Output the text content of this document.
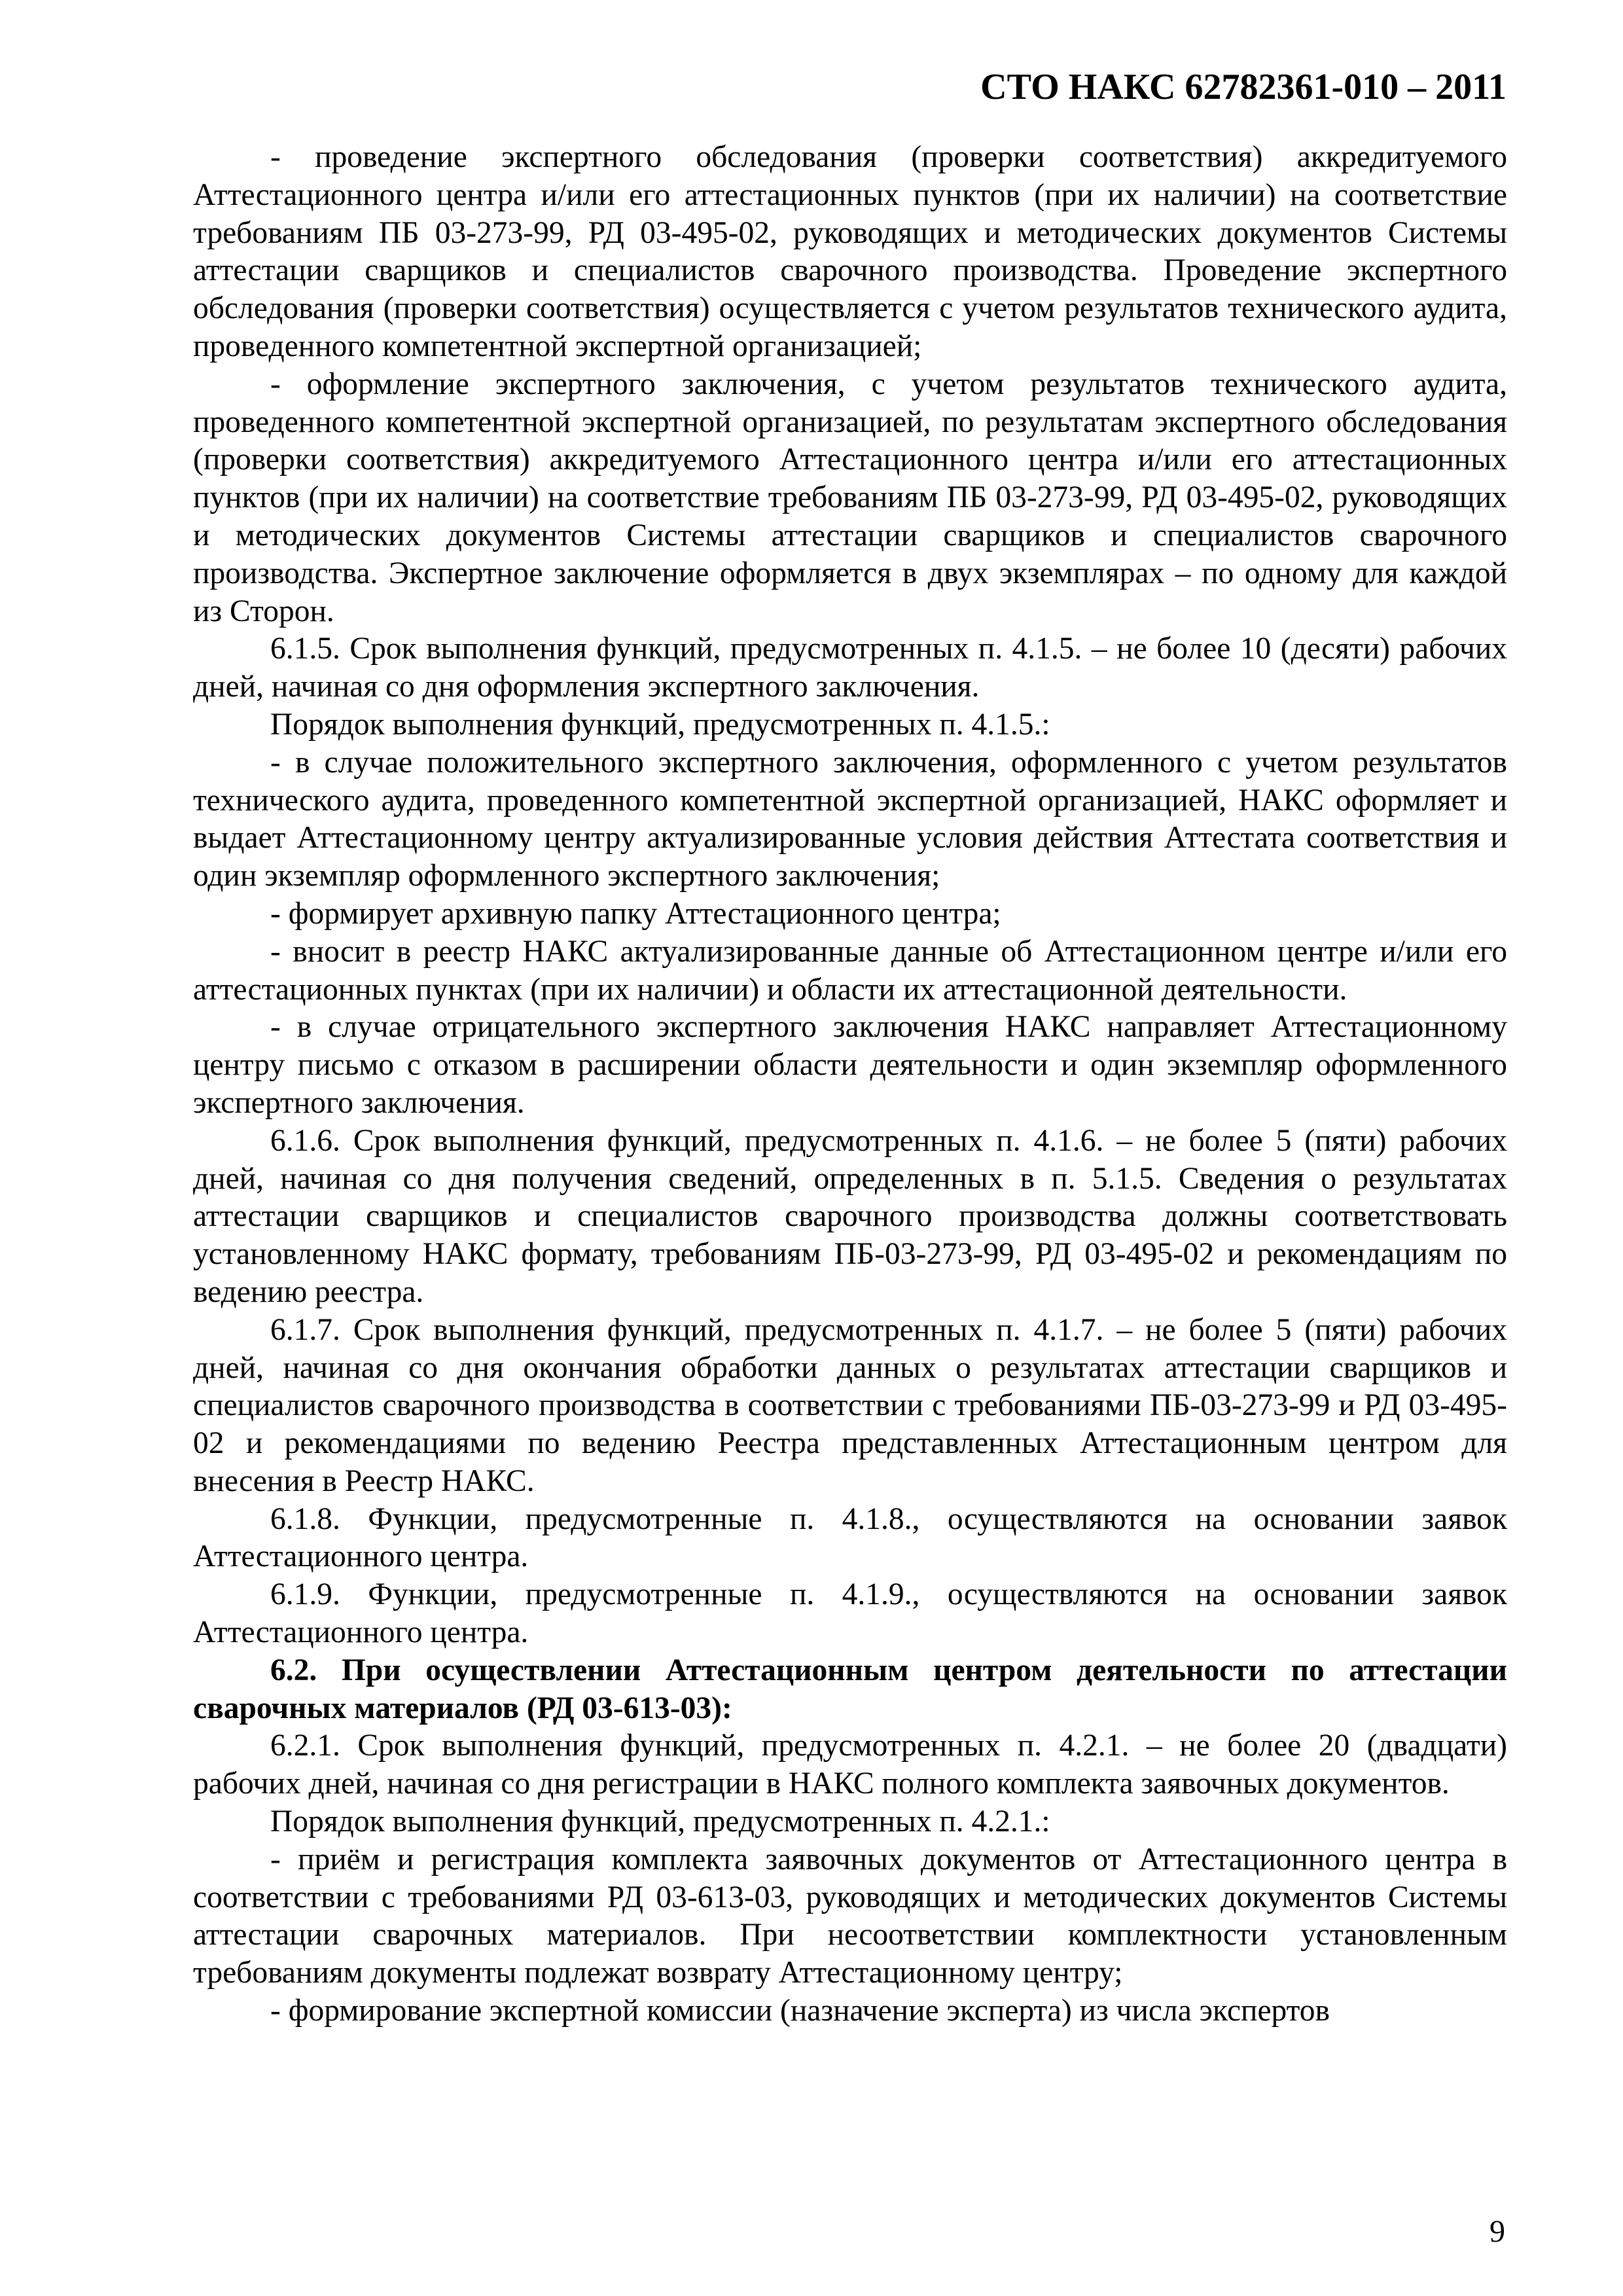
СТО НАКС 62782361-010 – 2011

- проведение экспертного обследования (проверки соответствия) аккредитуемого Аттестационного центра и/или его аттестационных пунктов (при их наличии) на соответствие требованиям ПБ 03-273-99, РД 03-495-02, руководящих и методических документов Системы аттестации сварщиков и специалистов сварочного производства. Проведение экспертного обследования (проверки соответствия) осуществляется с учетом результатов технического аудита, проведенного компетентной экспертной организацией;

- оформление экспертного заключения, с учетом результатов технического аудита, проведенного компетентной экспертной организацией, по результатам экспертного обследования (проверки соответствия) аккредитуемого Аттестационного центра и/или его аттестационных пунктов (при их наличии) на соответствие требованиям ПБ 03-273-99, РД 03-495-02, руководящих и методических документов Системы аттестации сварщиков и специалистов сварочного производства. Экспертное заключение оформляется в двух экземплярах – по одному для каждой из Сторон.

6.1.5. Срок выполнения функций, предусмотренных п. 4.1.5. – не более 10 (десяти) рабочих дней, начиная со дня оформления экспертного заключения.

Порядок выполнения функций, предусмотренных п. 4.1.5.:

- в случае положительного экспертного заключения, оформленного с учетом результатов технического аудита, проведенного компетентной экспертной организацией, НАКС оформляет и выдает Аттестационному центру актуализированные условия действия Аттестата соответствия и один экземпляр оформленного экспертного заключения;

- формирует архивную папку Аттестационного центра;

- вносит в реестр НАКС актуализированные данные об Аттестационном центре и/или его аттестационных пунктах (при их наличии) и области их аттестационной деятельности.

- в случае отрицательного экспертного заключения НАКС направляет Аттестационному центру письмо с отказом в расширении области деятельности и один экземпляр оформленного экспертного заключения.

6.1.6. Срок выполнения функций, предусмотренных п. 4.1.6. – не более 5 (пяти) рабочих дней, начиная со дня получения сведений, определенных в п. 5.1.5. Сведения о результатах аттестации сварщиков и специалистов сварочного производства должны соответствовать установленному НАКС формату, требованиям ПБ-03-273-99, РД 03-495-02 и рекомендациям по ведению реестра.

6.1.7. Срок выполнения функций, предусмотренных п. 4.1.7. – не более 5 (пяти) рабочих дней, начиная со дня окончания обработки данных о результатах аттестации сварщиков и специалистов сварочного производства в соответствии с требованиями ПБ-03-273-99 и РД 03-495-02 и рекомендациями по ведению Реестра представленных Аттестационным центром для внесения в Реестр НАКС.

6.1.8. Функции, предусмотренные п. 4.1.8., осуществляются на основании заявок Аттестационного центра.

6.1.9. Функции, предусмотренные п. 4.1.9., осуществляются на основании заявок Аттестационного центра.

6.2. При осуществлении Аттестационным центром деятельности по аттестации сварочных материалов (РД 03-613-03):

6.2.1. Срок выполнения функций, предусмотренных п. 4.2.1. – не более 20 (двадцати) рабочих дней, начиная со дня регистрации в НАКС полного комплекта заявочных документов.

Порядок выполнения функций, предусмотренных п. 4.2.1.:

- приём и регистрация комплекта заявочных документов от Аттестационного центра в соответствии с требованиями РД 03-613-03, руководящих и методических документов Системы аттестации сварочных материалов. При несоответствии комплектности установленным требованиям документы подлежат возврату Аттестационному центру;

- формирование экспертной комиссии (назначение эксперта) из числа экспертов

9
